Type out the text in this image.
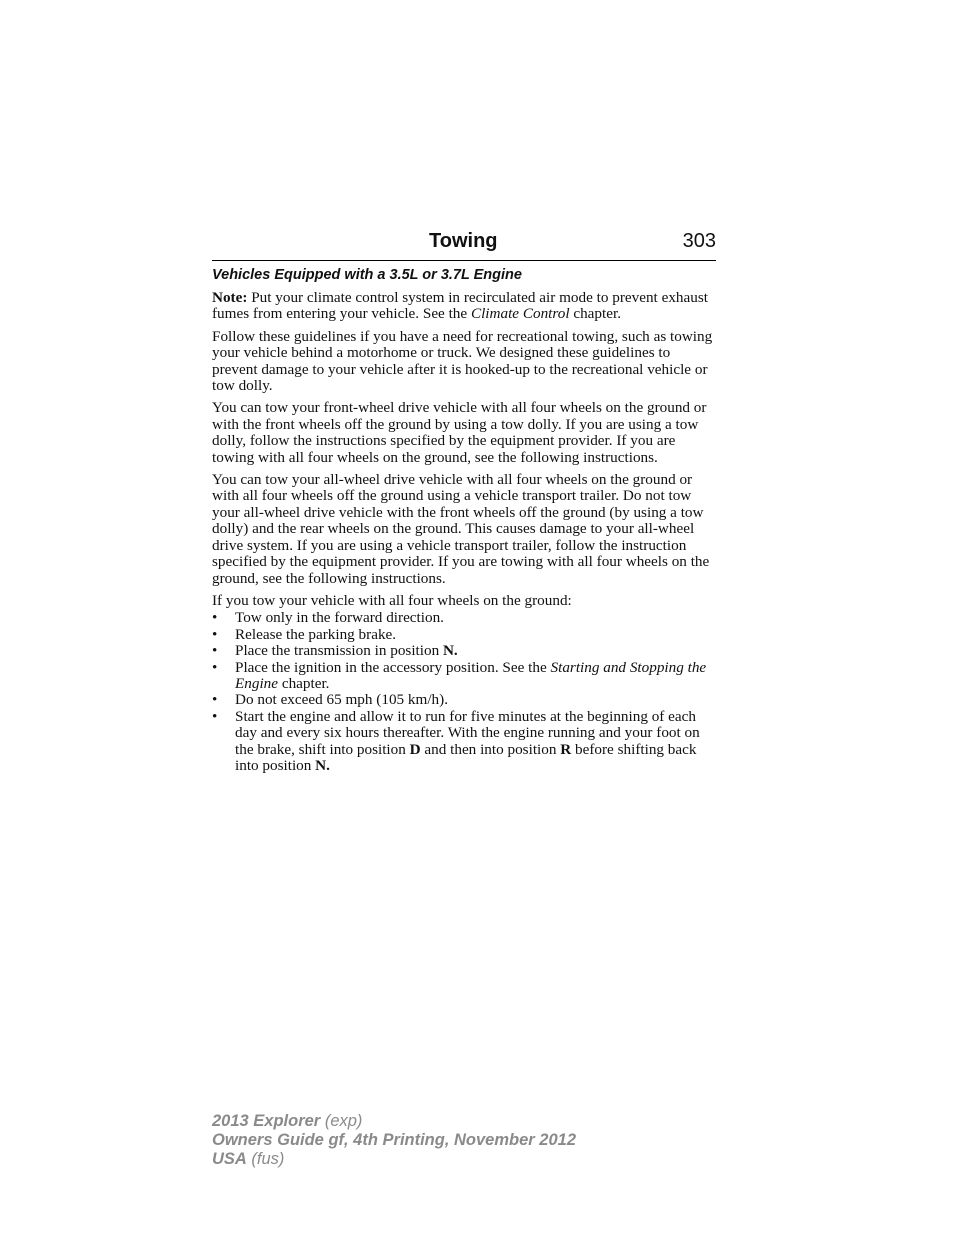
Towing	303
Vehicles Equipped with a 3.5L or 3.7L Engine

Note: Put your climate control system in recirculated air mode to prevent exhaust fumes from entering your vehicle. See the Climate Control chapter.

Follow these guidelines if you have a need for recreational towing, such as towing your vehicle behind a motorhome or truck. We designed these guidelines to prevent damage to your vehicle after it is hooked-up to the recreational vehicle or tow dolly.

You can tow your front-wheel drive vehicle with all four wheels on the ground or with the front wheels off the ground by using a tow dolly. If you are using a tow dolly, follow the instructions specified by the equipment provider. If you are towing with all four wheels on the ground, see the following instructions.

You can tow your all-wheel drive vehicle with all four wheels on the ground or with all four wheels off the ground using a vehicle transport trailer. Do not tow your all-wheel drive vehicle with the front wheels off the ground (by using a tow dolly) and the rear wheels on the ground. This causes damage to your all-wheel drive system. If you are using a vehicle transport trailer, follow the instruction specified by the equipment provider. If you are towing with all four wheels on the ground, see the following instructions.

If you tow your vehicle with all four wheels on the ground:

•	Tow only in the forward direction.
•	Release the parking brake.
•	Place the transmission in position N.
•	Place the ignition in the accessory position. See the Starting and Stopping the Engine chapter.
•	Do not exceed 65 mph (105 km/h).
•	Start the engine and allow it to run for five minutes at the beginning of each day and every six hours thereafter. With the engine running and your foot on the brake, shift into position D and then into position R before shifting back into position N.
2013 Explorer (exp)
Owners Guide gf, 4th Printing, November 2012
USA (fus)
